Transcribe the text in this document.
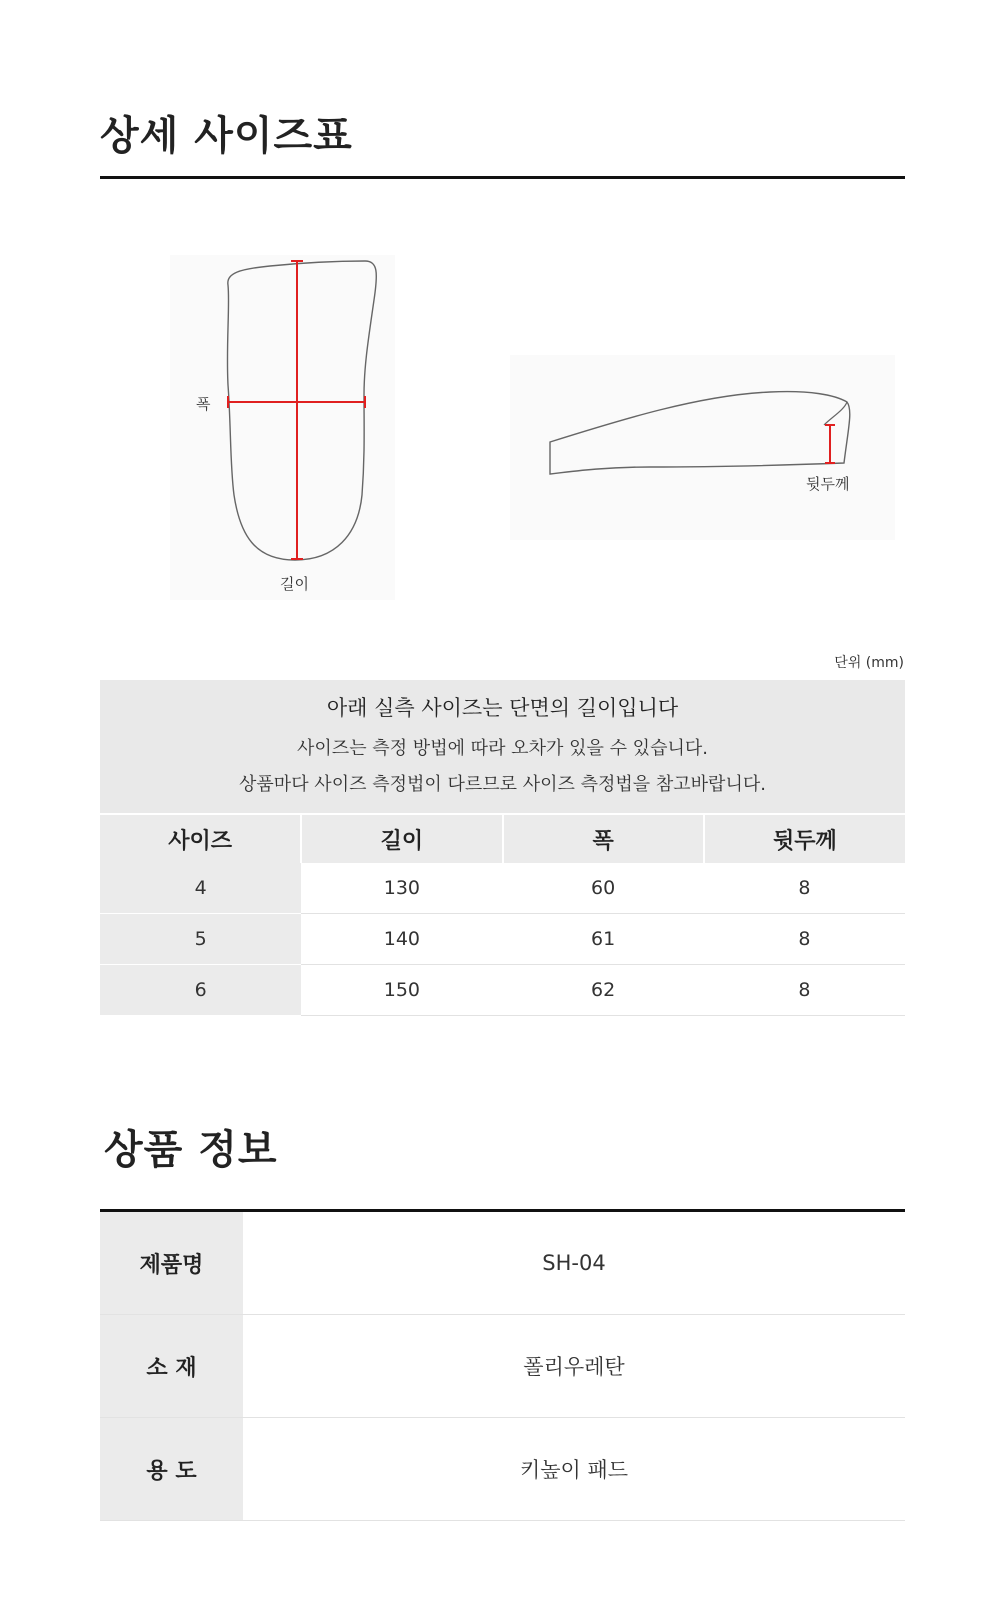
상세 사이즈표
폭
길이
뒷두께
단위 (mm)
아래 실측 사이즈는 단면의 길이입니다
사이즈는 측정 방법에 따라 오차가 있을 수 있습니다.
상품마다 사이즈 측정법이 다르므로 사이즈 측정법을 참고바랍니다.
사이즈	길이	폭	뒷두께
4	130	60	8
5	140	61	8
6	150	62	8
상품 정보
제품명	SH-04
소 재	폴리우레탄
용 도	키높이 패드
